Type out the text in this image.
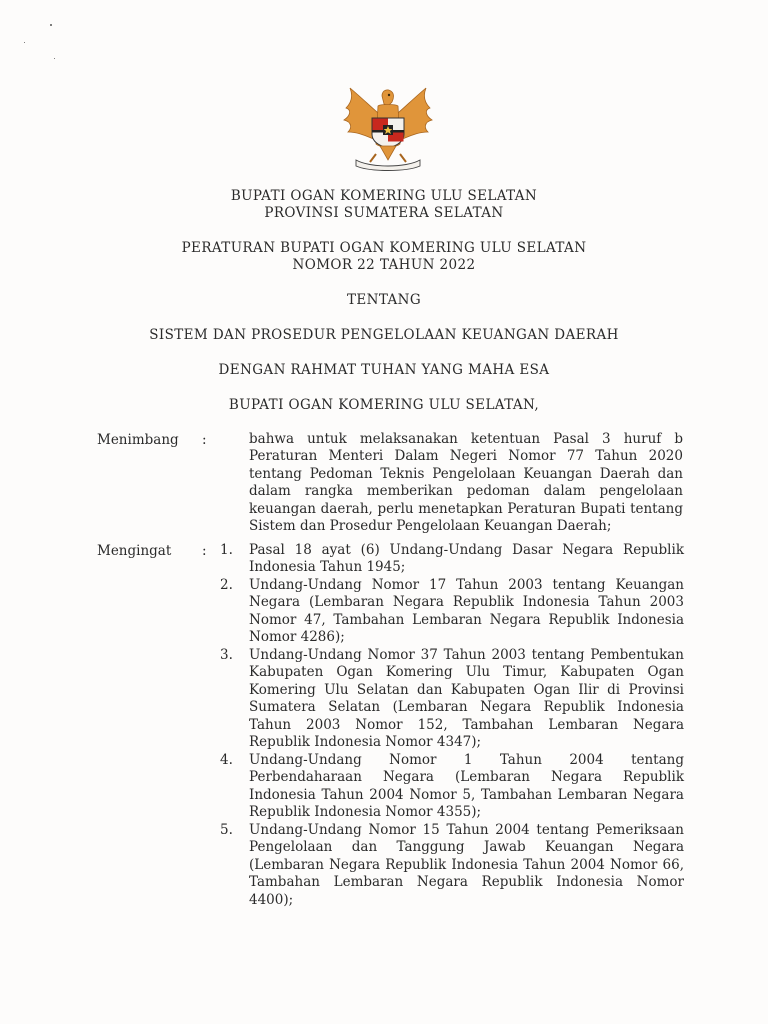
BUPATI OGAN KOMERING ULU SELATAN
PROVINSI SUMATERA SELATAN
PERATURAN BUPATI OGAN KOMERING ULU SELATAN
NOMOR 22 TAHUN 2022
TENTANG
SISTEM DAN PROSEDUR PENGELOLAAN KEUANGAN DAERAH
DENGAN RAHMAT TUHAN YANG MAHA ESA
BUPATI OGAN KOMERING ULU SELATAN,
Menimbang :	bahwa untuk melaksanakan ketentuan Pasal 3 huruf b Peraturan Menteri Dalam Negeri Nomor 77 Tahun 2020 tentang Pedoman Teknis Pengelolaan Keuangan Daerah dan dalam rangka memberikan pedoman dalam pengelolaan keuangan daerah, perlu menetapkan Peraturan Bupati tentang Sistem dan Prosedur Pengelolaan Keuangan Daerah;

Mengingat : 1. Pasal 18 ayat (6) Undang-Undang Dasar Negara Republik Indonesia Tahun 1945;
2. Undang-Undang Nomor 17 Tahun 2003 tentang Keuangan Negara (Lembaran Negara Republik Indonesia Tahun 2003 Nomor 47, Tambahan Lembaran Negara Republik Indonesia Nomor 4286);
3. Undang-Undang Nomor 37 Tahun 2003 tentang Pembentukan Kabupaten Ogan Komering Ulu Timur, Kabupaten Ogan Komering Ulu Selatan dan Kabupaten Ogan Ilir di Provinsi Sumatera Selatan (Lembaran Negara Republik Indonesia Tahun 2003 Nomor 152, Tambahan Lembaran Negara Republik Indonesia Nomor 4347);
4. Undang-Undang Nomor 1 Tahun 2004 tentang Perbendaharaan Negara (Lembaran Negara Republik Indonesia Tahun 2004 Nomor 5, Tambahan Lembaran Negara Republik Indonesia Nomor 4355);
5. Undang-Undang Nomor 15 Tahun 2004 tentang Pemeriksaan Pengelolaan dan Tanggung Jawab Keuangan Negara (Lembaran Negara Republik Indonesia Tahun 2004 Nomor 66, Tambahan Lembaran Negara Republik Indonesia Nomor 4400);
